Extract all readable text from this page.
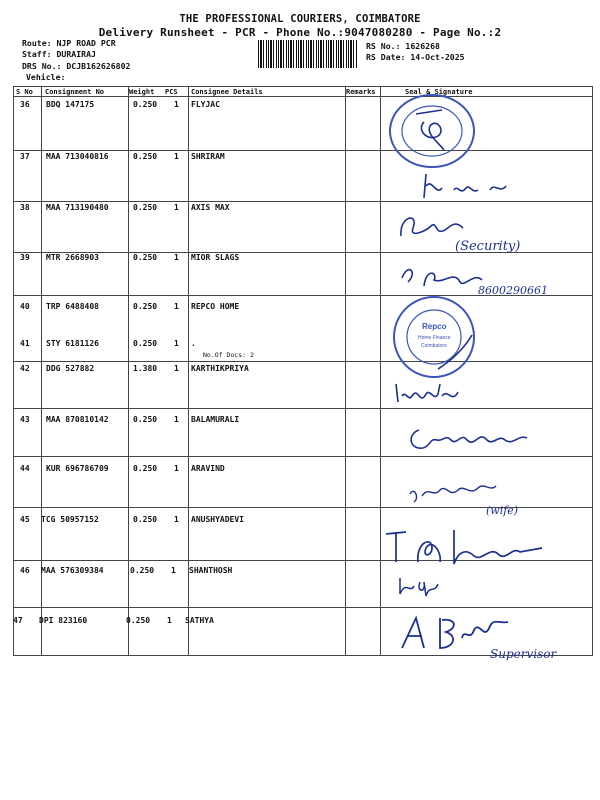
THE PROFESSIONAL COURIERS, COIMBATORE
Delivery Runsheet - PCR - Phone No.:9047080280 - Page No.:2
Route: NJP ROAD PCR
Staff: DURAIRAJ
DRS No.: DCJB162626802
Vehicle:
RS No.: 1626268
RS Date: 14-Oct-2025
S No Consignment No	Weight PCS Consignee Details	Remarks	Seal & Signature
36 BDQ 147175	0.250 1 FLYJAC
37 MAA 713040816	0.250 1 SHRIRAM
38 MAA 713190480	0.250 1 AXIS MAX
39 MTR 2668903	0.250 1 MIOR SLAGS
40 TRP 6488408	0.250 1 REPCO HOME
41 STY 6181126	0.250 1 .
No.Of Docs: 2
42 DDG 527882	1.380 1 KARTHIKPRIYA
43 MAA 870810142	0.250 1 BALAMURALI
44 KUR 696786709	0.250 1 ARAVIND
45 TCG 50957152	0.250 1 ANUSHYADEVI
46 MAA 576309384	0.250 1 SHANTHOSH
47 DPI 823160	0.250 1 SATHYA
Repco
Home Finance
Coimbatore
(Security)
8600290661
(wife)
Supervisor
